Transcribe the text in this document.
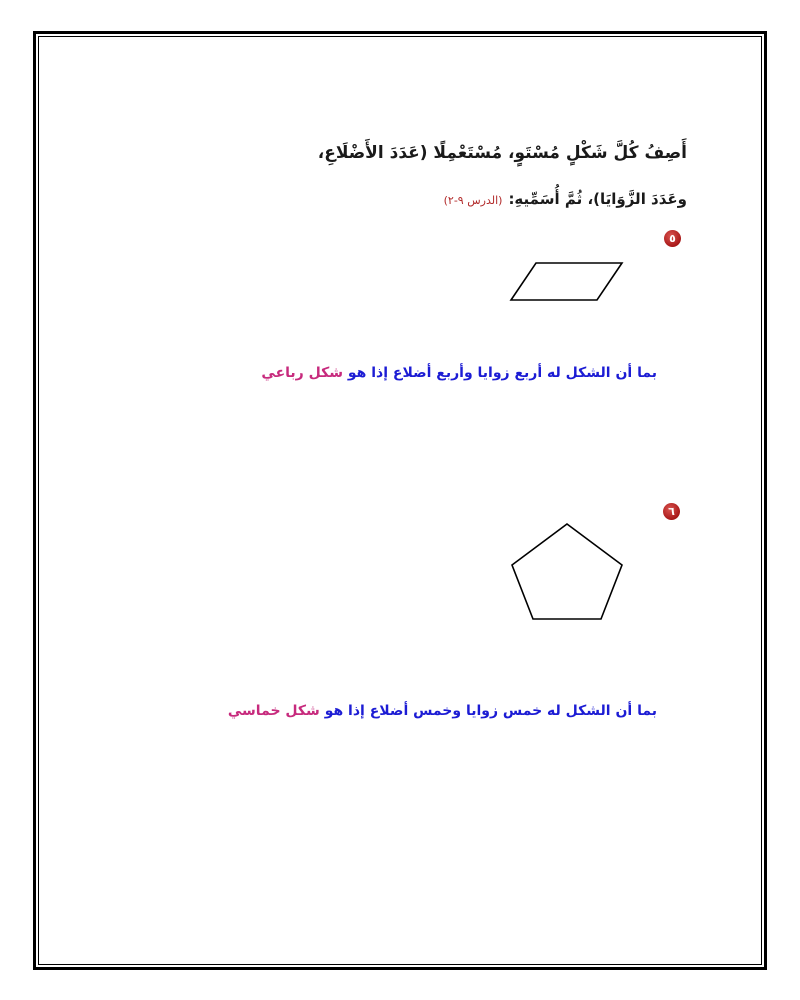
أَصِفُ كُلَّ شَكْلٍ مُسْتَوٍ، مُسْتَعْمِلًا (عَدَدَ الأَضْلَاعِ،
وعَدَدَ الزَّوَايَا)، ثُمَّ أُسَمِّيهِ:(الدرس ٩-٢)
٥
بما أن الشكل له أربع زوايا وأربع أضلاع إذا هو شكل رباعي
٦
بما أن الشكل له خمس زوايا وخمس أضلاع إذا هو شكل خماسي
